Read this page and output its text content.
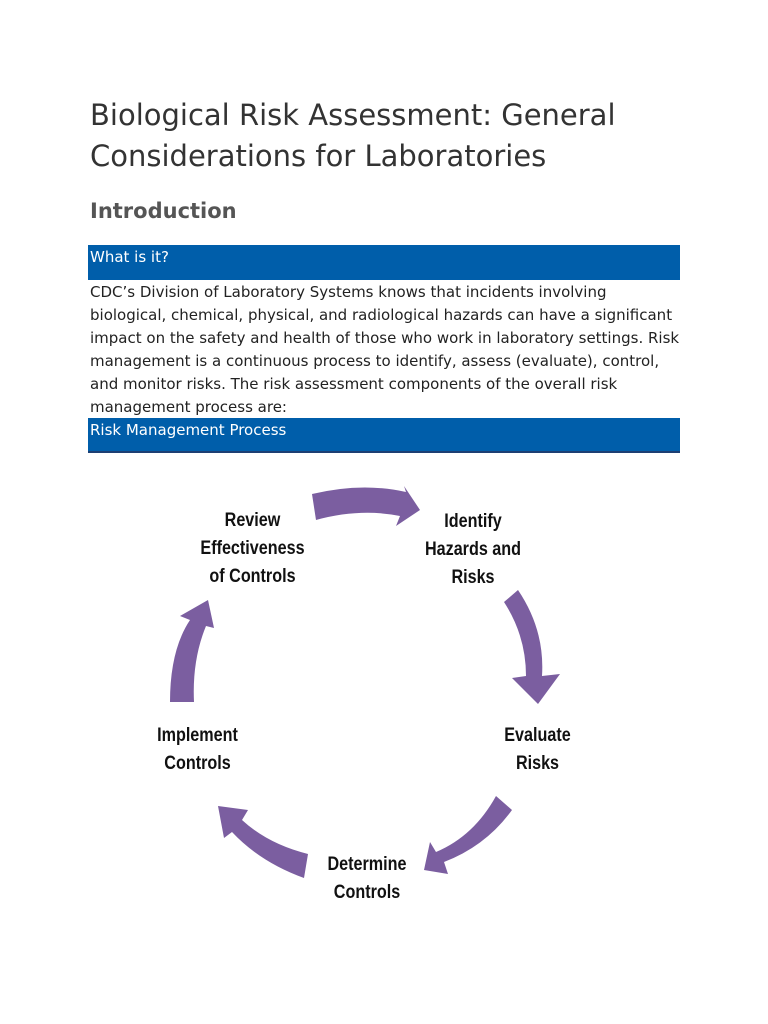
Biological Risk Assessment: General Considerations for Laboratories
Introduction
What is it?

CDC’s Division of Laboratory Systems knows that incidents involving biological, chemical, physical, and radiological hazards can have a significant impact on the safety and health of those who work in laboratory settings. Risk management is a continuous process to identify, assess (evaluate), control, and monitor risks. The risk assessment components of the overall risk management process are:

Risk Management Process
Identify
Hazards and
Risks
Evaluate
Risks
Determine
Controls
Implement
Controls
Review
Effectiveness
of Controls
